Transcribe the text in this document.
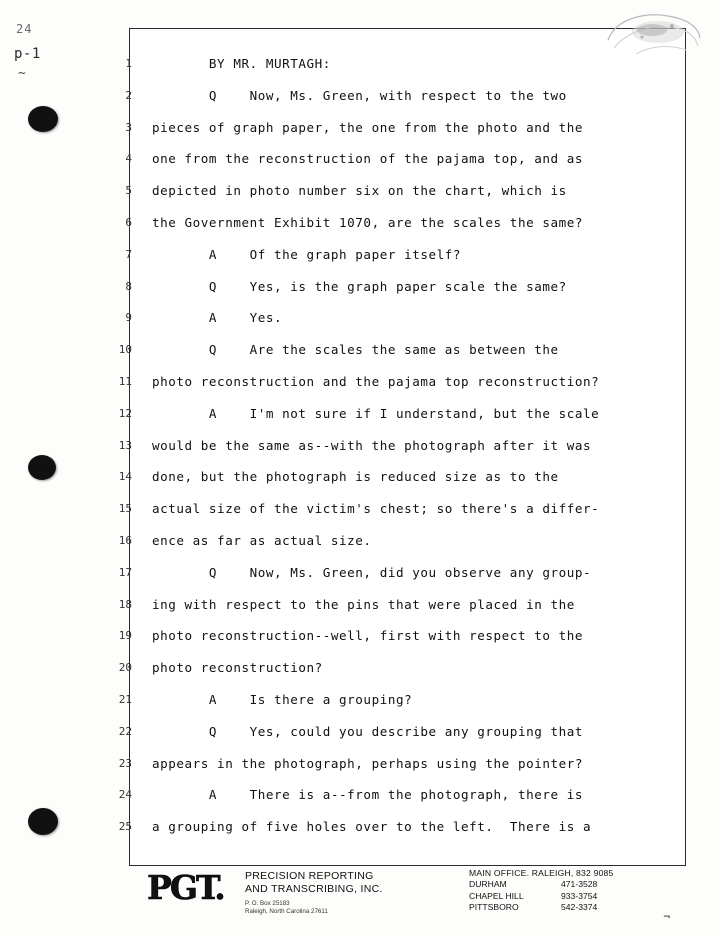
24
p-1
~
1
2
3
4
5
6
7
8
9
10
11
12
13
14
15
16
17
18
19
20
21
22
23
24
25
BY MR. MURTAGH:
Q    Now, Ms. Green, with respect to the two
pieces of graph paper, the one from the photo and the
one from the reconstruction of the pajama top, and as
depicted in photo number six on the chart, which is
the Government Exhibit 1070, are the scales the same?
A    Of the graph paper itself?
Q    Yes, is the graph paper scale the same?
A    Yes.
Q    Are the scales the same as between the
photo reconstruction and the pajama top reconstruction?
A    I'm not sure if I understand, but the scale
would be the same as--with the photograph after it was
done, but the photograph is reduced size as to the
actual size of the victim's chest; so there's a differ-
ence as far as actual size.
Q    Now, Ms. Green, did you observe any group-
ing with respect to the pins that were placed in the
photo reconstruction--well, first with respect to the
photo reconstruction?
A    Is there a grouping?
Q    Yes, could you describe any grouping that
appears in the photograph, perhaps using the pointer?
A    There is a--from the photograph, there is
a grouping of five holes over to the left.  There is a
PGT.	PRECISION REPORTING
AND TRANSCRIBING, INC.
P. O. Box 25183
Raleigh, North Carolina 27611
MAIN OFFICE. RALEIGH, 832 9085
DURHAM	471-3528
CHAPEL HILL	933-3754
PITTSBORO	542-3374
¬
